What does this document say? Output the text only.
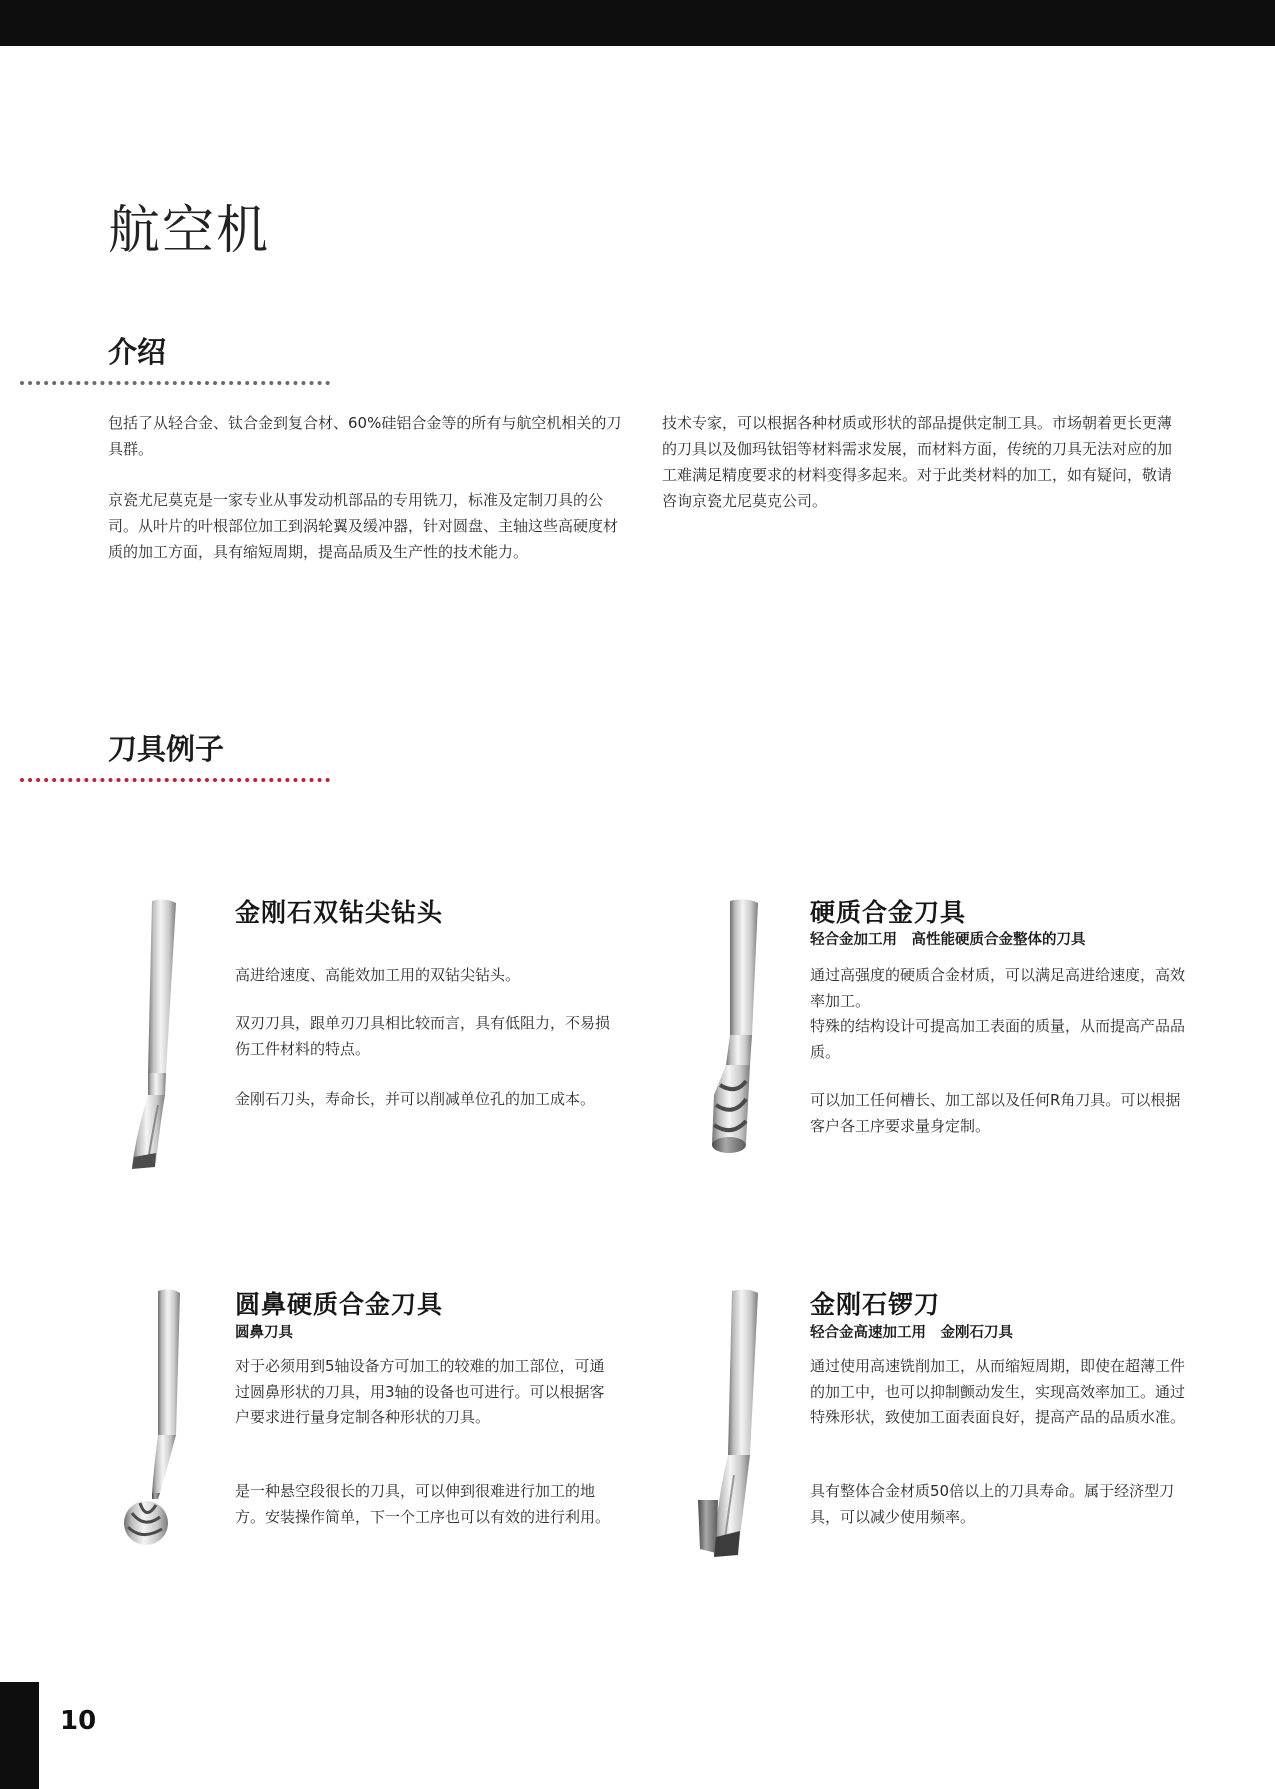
航空机
介绍

包括了从轻合金、钛合金到复合材、60%硅铝合金等的所有与航空机相关的刀具群。

京瓷尤尼莫克是一家专业从事发动机部品的专用铣刀，标准及定制刀具的公司。从叶片的叶根部位加工到涡轮翼及缓冲器，针对圆盘、主轴这些高硬度材质的加工方面，具有缩短周期，提高品质及生产性的技术能力。

技术专家，可以根据各种材质或形状的部品提供定制工具。市场朝着更长更薄的刀具以及伽玛钛铝等材料需求发展，而材料方面，传统的刀具无法对应的加工难满足精度要求的材料变得多起来。对于此类材料的加工，如有疑问，敬请咨询京瓷尤尼莫克公司。

刀具例子
金刚石双钻尖钻头

高进给速度、高能效加工用的双钻尖钻头。

双刃刀具，跟单刃刀具相比较而言，具有低阻力，不易损伤工件材料的特点。

金刚石刀头，寿命长，并可以削减单位孔的加工成本。

硬质合金刀具

轻合金加工用　高性能硬质合金整体的刀具

通过高强度的硬质合金材质，可以满足高进给速度，高效率加工。
特殊的结构设计可提高加工表面的质量，从而提高产品品质。

可以加工任何槽长、加工部以及任何R角刀具。可以根据客户各工序要求量身定制。

圆鼻硬质合金刀具

圆鼻刀具

对于必须用到5轴设备方可加工的较难的加工部位，可通过圆鼻形状的刀具，用3轴的设备也可进行。可以根据客户要求进行量身定制各种形状的刀具。

是一种悬空段很长的刀具，可以伸到很难进行加工的地方。安装操作简单，下一个工序也可以有效的进行利用。

金刚石锣刀

轻合金高速加工用　金刚石刀具

通过使用高速铣削加工，从而缩短周期，即使在超薄工件的加工中，也可以抑制颤动发生，实现高效率加工。通过特殊形状，致使加工面表面良好，提高产品的品质水准。

具有整体合金材质50倍以上的刀具寿命。属于经济型刀具，可以减少使用频率。

10
